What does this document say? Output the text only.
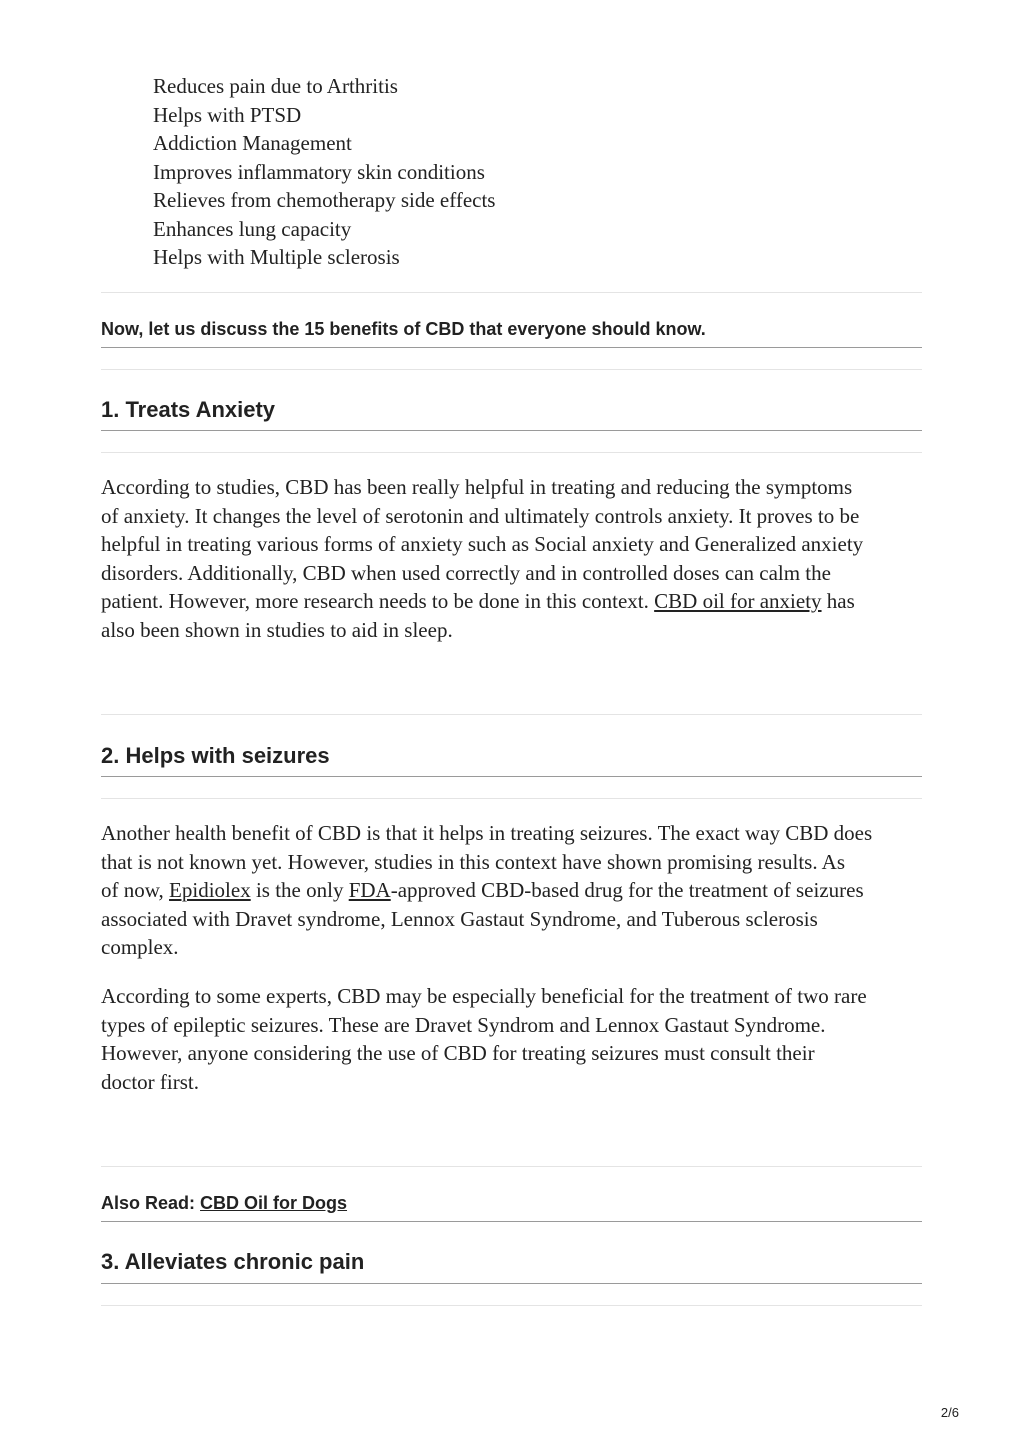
Reduces pain due to Arthritis
Helps with PTSD
Addiction Management
Improves inflammatory skin conditions
Relieves from chemotherapy side effects
Enhances lung capacity
Helps with Multiple sclerosis
Now, let us discuss the 15 benefits of CBD that everyone should know.
1. Treats Anxiety
According to studies, CBD has been really helpful in treating and reducing the symptoms
of anxiety. It changes the level of serotonin and ultimately controls anxiety. It proves to be
helpful in treating various forms of anxiety such as Social anxiety and Generalized anxiety
disorders. Additionally, CBD when used correctly and in controlled doses can calm the
patient. However, more research needs to be done in this context. CBD oil for anxiety has
also been shown in studies to aid in sleep.
2. Helps with seizures
Another health benefit of CBD is that it helps in treating seizures. The exact way CBD does
that is not known yet. However, studies in this context have shown promising results. As
of now, Epidiolex is the only FDA-approved CBD-based drug for the treatment of seizures
associated with Dravet syndrome, Lennox Gastaut Syndrome, and Tuberous sclerosis
complex.
According to some experts, CBD may be especially beneficial for the treatment of two rare
types of epileptic seizures. These are Dravet Syndrom and Lennox Gastaut Syndrome.
However, anyone considering the use of CBD for treating seizures must consult their
doctor first.
Also Read: CBD Oil for Dogs
3. Alleviates chronic pain
2/6
